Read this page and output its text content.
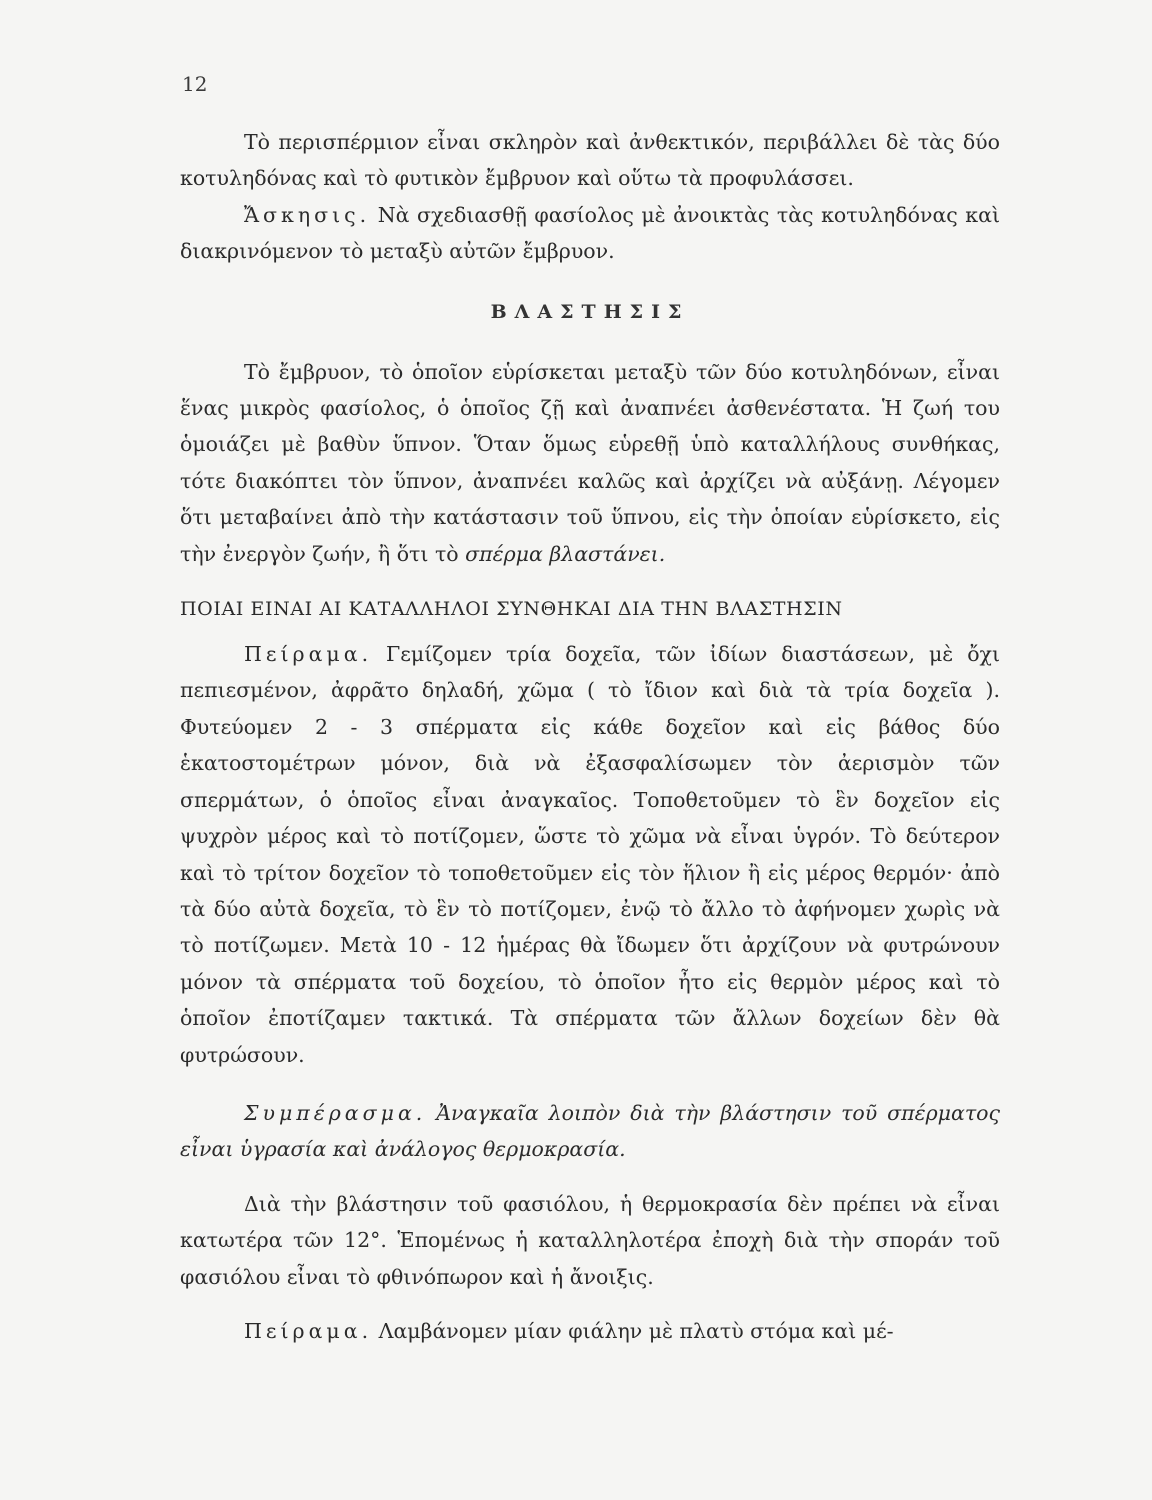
12

Τὸ περισπέρμιον εἶναι σκληρὸν καὶ ἀνθεκτικόν, περιβάλλει δὲ τὰς δύο κοτυληδόνας καὶ τὸ φυτικὸν ἔμβρυον καὶ οὕτω τὰ προφυλάσσει.

Ἄσκησις. Νὰ σχεδιασθῇ φασίολος μὲ ἀνοικτὰς τὰς κοτυληδόνας καὶ διακρινόμενον τὸ μεταξὺ αὐτῶν ἔμβρυον.

ΒΛΑΣΤΗΣΙΣ

Τὸ ἔμβρυον, τὸ ὁποῖον εὑρίσκεται μεταξὺ τῶν δύο κοτυληδόνων, εἶναι ἕνας μικρὸς φασίολος, ὁ ὁποῖος ζῇ καὶ ἀναπνέει ἀσθενέστατα. Ἡ ζωή του ὁμοιάζει μὲ βαθὺν ὕπνον. Ὅταν ὅμως εὑρεθῇ ὑπὸ καταλλήλους συνθήκας, τότε διακόπτει τὸν ὕπνον, ἀναπνέει καλῶς καὶ ἀρχίζει νὰ αὐξάνῃ. Λέγομεν ὅτι μεταβαίνει ἀπὸ τὴν κατάστασιν τοῦ ὕπνου, εἰς τὴν ὁποίαν εὑρίσκετο, εἰς τὴν ἐνεργὸν ζωήν, ἢ ὅτι τὸ σπέρμα βλαστάνει.

ΠΟΙΑΙ ΕΙΝΑΙ ΑΙ ΚΑΤΑΛΛΗΛΟΙ ΣΥΝΘΗΚΑΙ ΔΙΑ ΤΗΝ ΒΛΑΣΤΗΣΙΝ

Πείραμα. Γεμίζομεν τρία δοχεῖα, τῶν ἰδίων διαστάσεων, μὲ ὄχι πεπιεσμένον, ἀφρᾶτο δηλαδή, χῶμα ( τὸ ἴδιον καὶ διὰ τὰ τρία δοχεῖα ). Φυτεύομεν 2 - 3 σπέρματα εἰς κάθε δοχεῖον καὶ εἰς βάθος δύο ἑκατοστομέτρων μόνον, διὰ νὰ ἐξασφαλίσωμεν τὸν ἀερισμὸν τῶν σπερμάτων, ὁ ὁποῖος εἶναι ἀναγκαῖος. Τοποθετοῦμεν τὸ ἓν δοχεῖον εἰς ψυχρὸν μέρος καὶ τὸ ποτίζομεν, ὥστε τὸ χῶμα νὰ εἶναι ὑγρόν. Τὸ δεύτερον καὶ τὸ τρίτον δοχεῖον τὸ τοποθετοῦμεν εἰς τὸν ἥλιον ἢ εἰς μέρος θερμόν· ἀπὸ τὰ δύο αὐτὰ δοχεῖα, τὸ ἓν τὸ ποτίζομεν, ἐνῷ τὸ ἄλλο τὸ ἀφήνομεν χωρὶς νὰ τὸ ποτίζωμεν. Μετὰ 10 - 12 ἡμέρας θὰ ἴδωμεν ὅτι ἀρχίζουν νὰ φυτρώνουν μόνον τὰ σπέρματα τοῦ δοχείου, τὸ ὁποῖον ἦτο εἰς θερμὸν μέρος καὶ τὸ ὁποῖον ἐποτίζαμεν τακτικά. Τὰ σπέρματα τῶν ἄλλων δοχείων δὲν θὰ φυτρώσουν.

Συμπέρασμα. Ἀναγκαῖα λοιπὸν διὰ τὴν βλάστησιν τοῦ σπέρματος εἶναι ὑγρασία καὶ ἀνάλογος θερμοκρασία.

Διὰ τὴν βλάστησιν τοῦ φασιόλου, ἡ θερμοκρασία δὲν πρέπει νὰ εἶναι κατωτέρα τῶν 12°. Ἑπομένως ἡ καταλληλοτέρα ἐποχὴ διὰ τὴν σποράν τοῦ φασιόλου εἶναι τὸ φθινόπωρον καὶ ἡ ἄνοιξις.

Πείραμα. Λαμβάνομεν μίαν φιάλην μὲ πλατὺ στόμα καὶ μέ-
